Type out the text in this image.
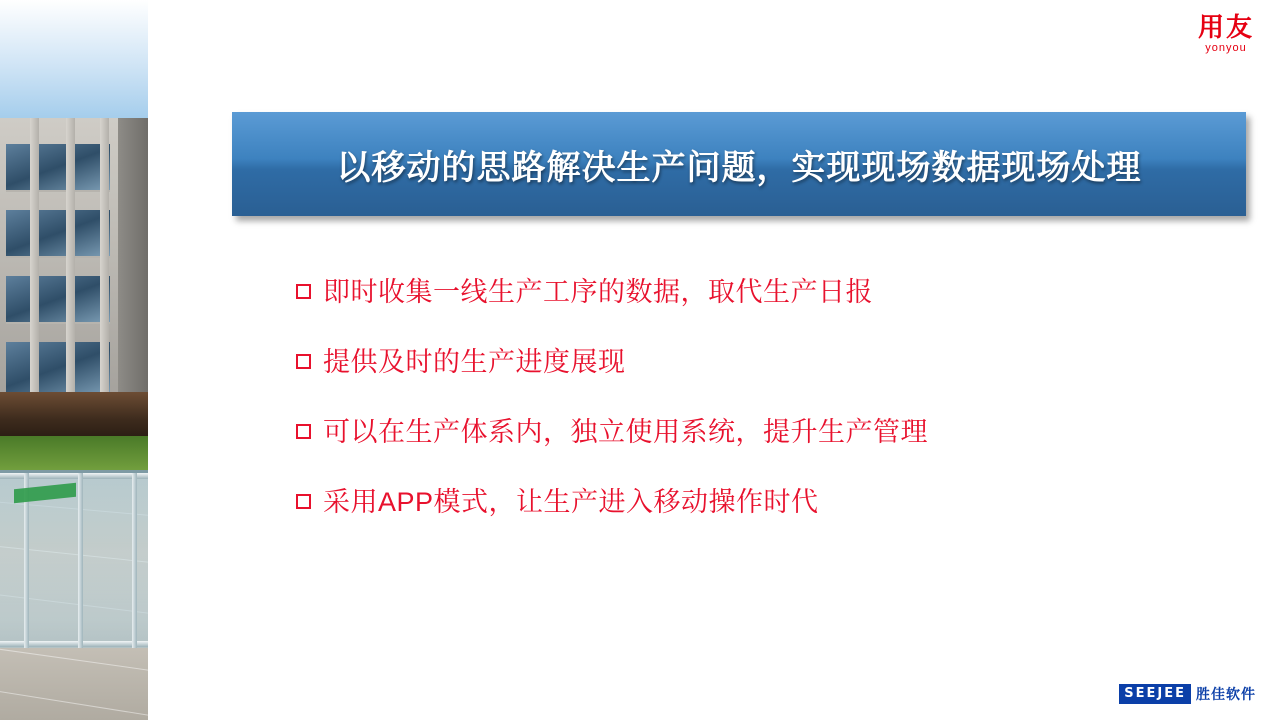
以移动的思路解决生产问题，实现现场数据现场处理
即时收集一线生产工序的数据，取代生产日报
提供及时的生产进度展现
可以在生产体系内，独立使用系统，提升生产管理
采用APP模式，让生产进入移动操作时代
用友
yonyou
SEEJEE 胜佳软件
